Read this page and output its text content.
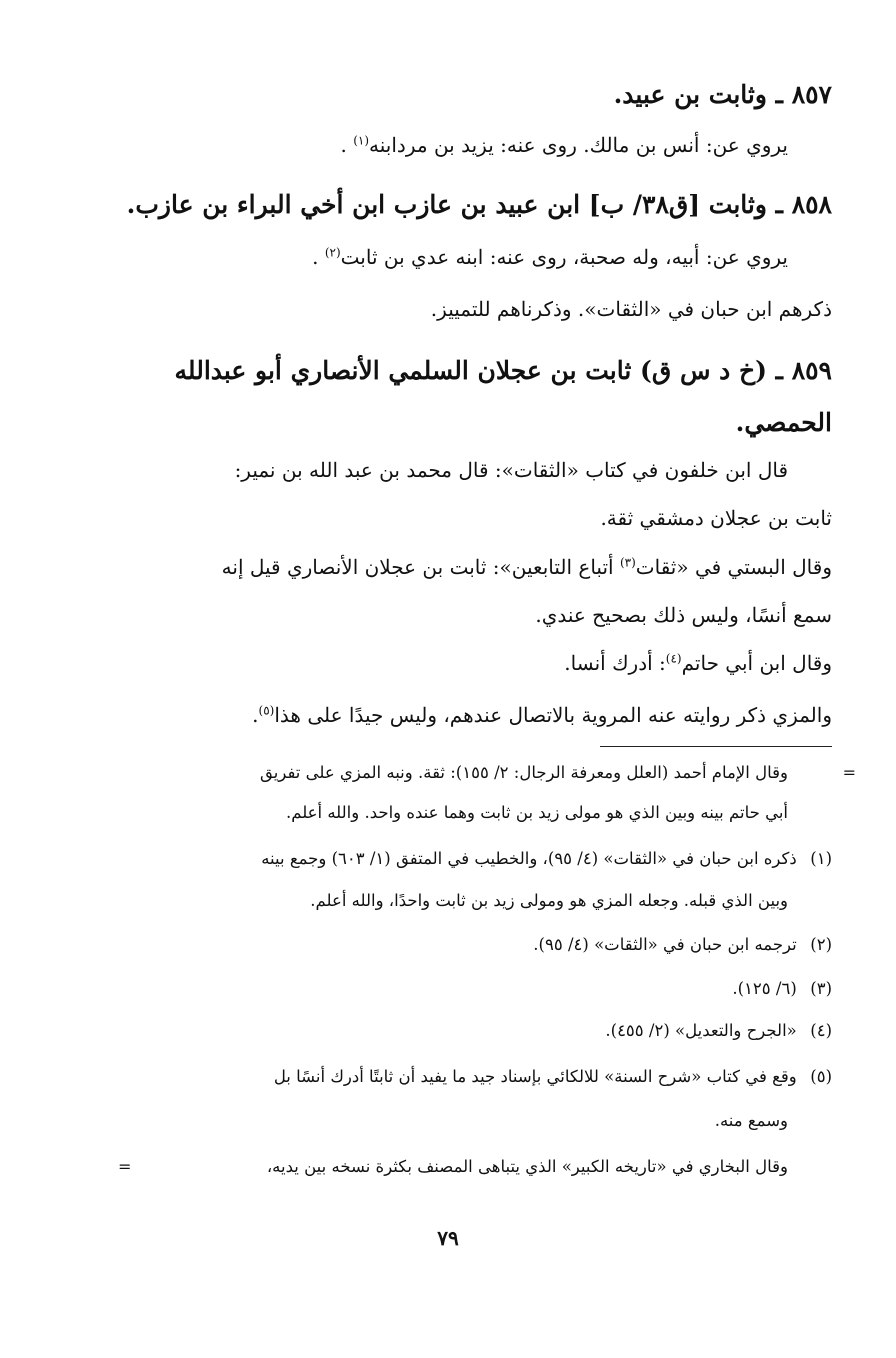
٨٥٧ ـ وثابت بن عبيد.
يروي عن: أنس بن مالك. روى عنه: يزيد بن مردابنه$^{(١)}$ .
٨٥٨ ـ وثابت [ق٣٨/ ب] ابن عبيد بن عازب ابن أخي البراء بن عازب.
يروي عن: أبيه، وله صحبة، روى عنه: ابنه عدي بن ثابت$^{(٢)}$ .
ذكرهم ابن حبان في «الثقات». وذكرناهم للتمييز.
٨٥٩ ـ (خ د س ق) ثابت بن عجلان السلمي الأنصاري أبو عبدالله
الحمصي.
قال ابن خلفون في كتاب «الثقات»: قال محمد بن عبد الله بن نمير:
ثابت بن عجلان دمشقي ثقة.
وقال البستي في «ثقات$^{(٣)}$ أتباع التابعين»: ثابت بن عجلان الأنصاري قيل إنه
سمع أنسًا، وليس ذلك بصحيح عندي.
وقال ابن أبي حاتم$^{(٤)}$: أدرك أنسا.
والمزي ذكر روايته عنه المروية بالاتصال عندهم، وليس جيدًا على هذا$^{(٥)}$.
=
وقال الإمام أحمد (العلل ومعرفة الرجال: ٢/ ١٥٥): ثقة. ونبه المزي على تفريق
أبي حاتم بينه وبين الذي هو مولى زيد بن ثابت وهما عنده واحد. والله أعلم.
(١) ذكره ابن حبان في «الثقات» (٤/ ٩٥)، والخطيب في المتفق (١/ ٦٠٣) وجمع بينه
وبين الذي قبله. وجعله المزي هو ومولى زيد بن ثابت واحدًا، والله أعلم.
(٢) ترجمه ابن حبان في «الثقات» (٤/ ٩٥).
(٣) (٦/ ١٢٥).
(٤) «الجرح والتعديل» (٢/ ٤٥٥).
(٥) وقع في كتاب «شرح السنة» للالكائي بإسناد جيد ما يفيد أن ثابتًا أدرك أنسًا بل
وسمع منه.
وقال البخاري في «تاريخه الكبير» الذي يتباهى المصنف بكثرة نسخه بين يديه،
=
٧٩
